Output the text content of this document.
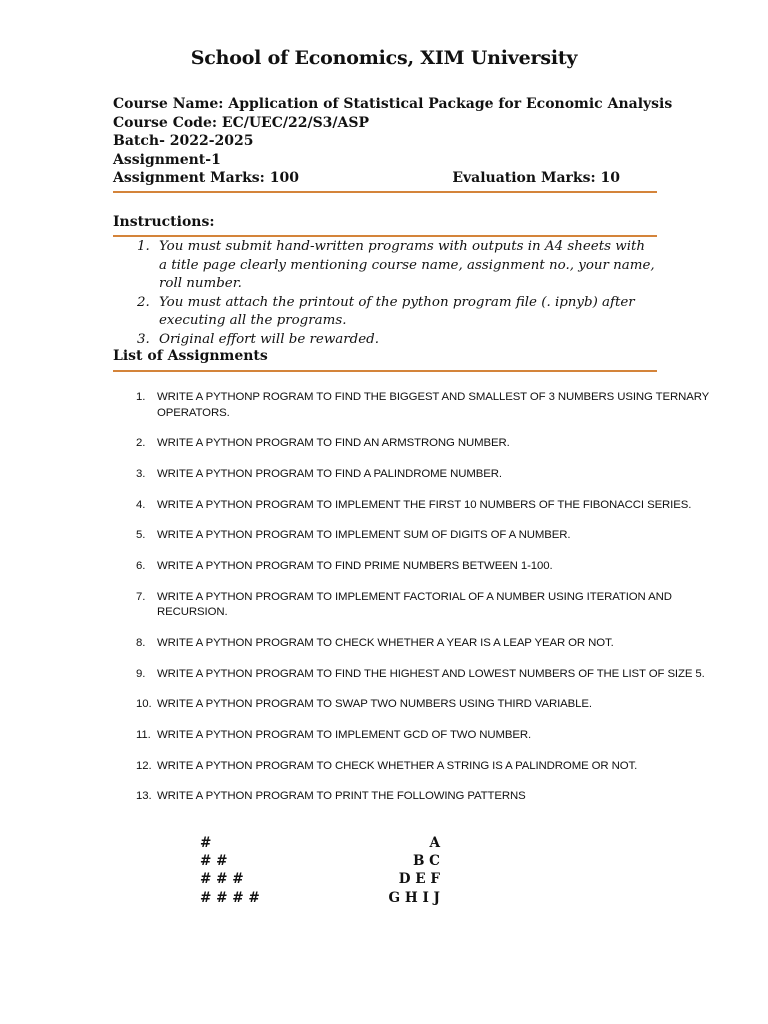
School of Economics, XIM University
Course Name: Application of Statistical Package for Economic Analysis
Course Code: EC/UEC/22/S3/ASP
Batch- 2022-2025
Assignment-1
Assignment Marks: 100	Evaluation Marks: 10
Instructions:
1. You must submit hand-written programs with outputs in A4 sheets with a title page clearly mentioning course name, assignment no., your name, roll number.
2. You must attach the printout of the python program file (. ipnyb) after executing all the programs.
3. Original effort will be rewarded.
List of Assignments
1.	WRITE A PYTHONP ROGRAM TO FIND THE BIGGEST AND SMALLEST OF 3 NUMBERS USING TERNARY OPERATORS.
2.	WRITE A PYTHON PROGRAM TO FIND AN ARMSTRONG NUMBER.
3.	WRITE A PYTHON PROGRAM TO FIND A PALINDROME NUMBER.
4.	WRITE A PYTHON PROGRAM TO IMPLEMENT THE FIRST 10 NUMBERS OF THE FIBONACCI SERIES.
5.	WRITE A PYTHON PROGRAM TO IMPLEMENT SUM OF DIGITS OF A NUMBER.
6.	WRITE A PYTHON PROGRAM TO FIND PRIME NUMBERS BETWEEN 1-100.
7.	WRITE A PYTHON PROGRAM TO IMPLEMENT FACTORIAL OF A NUMBER USING ITERATION AND RECURSION.
8.	WRITE A PYTHON PROGRAM TO CHECK WHETHER A YEAR IS A LEAP YEAR OR NOT.
9.	WRITE A PYTHON PROGRAM TO FIND THE HIGHEST AND LOWEST NUMBERS OF THE LIST OF SIZE 5.
10. WRITE A PYTHON PROGRAM TO SWAP TWO NUMBERS USING THIRD VARIABLE.
11. WRITE A PYTHON PROGRAM TO IMPLEMENT GCD OF TWO NUMBER.
12. WRITE A PYTHON PROGRAM TO CHECK WHETHER A STRING IS A PALINDROME OR NOT.
13. WRITE A PYTHON PROGRAM TO PRINT THE FOLLOWING PATTERNS
#	A
# #	B C
# # #	D E F
# # # #	G H I J
